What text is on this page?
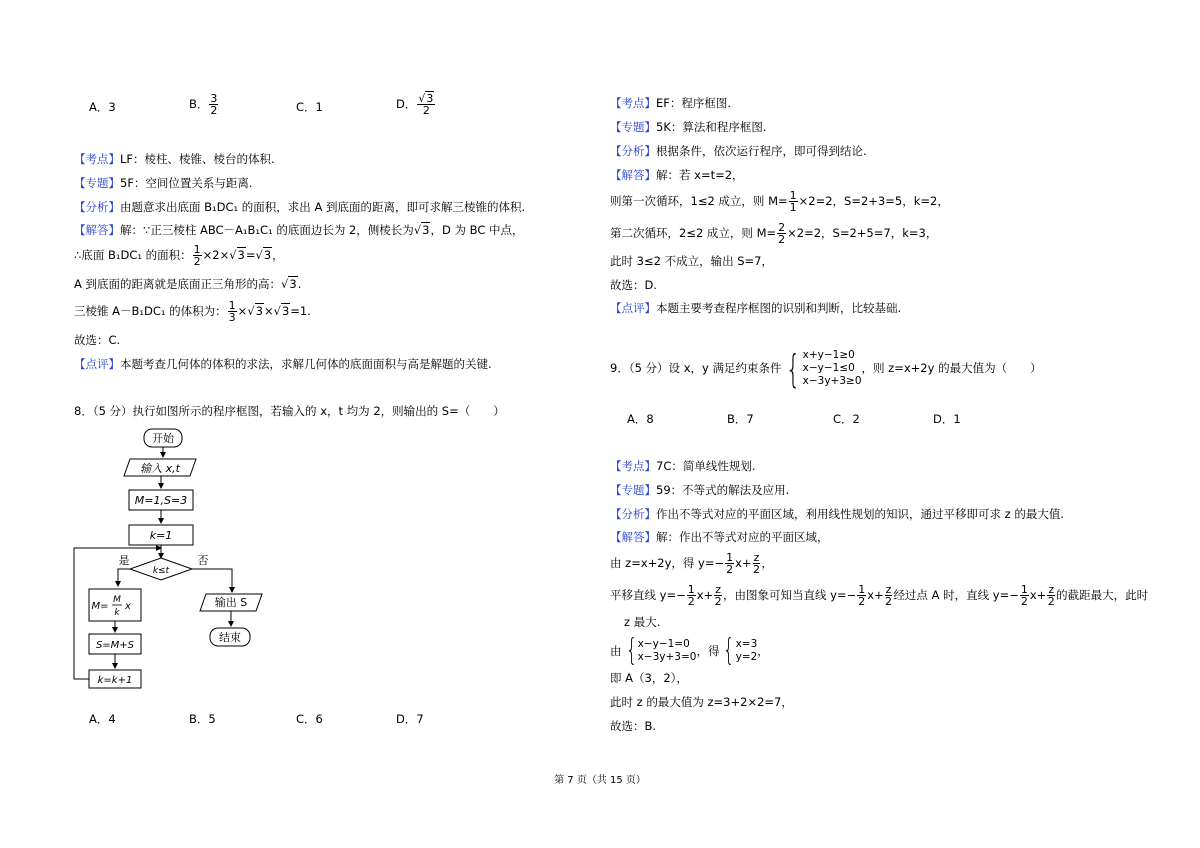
A．3	B． $\frac{3}{2}$	C．1	D． $\frac{√3}{2}$
【考点】LF：棱柱、棱锥、棱台的体积.
【专题】5F：空间位置关系与距离.
【分析】由题意求出底面 B₁DC₁ 的面积，求出 A 到底面的距离，即可求解三棱锥的体积.
【解答】解：∵正三棱柱 ABC－A₁B₁C₁ 的底面边长为 2，侧棱长为√3，D 为 BC 中点，
∴底面 B₁DC₁ 的面积： $\frac{1}{2} \times 2\times√3=√3$，
A 到底面的距离就是底面正三角形的高：√3.
三棱锥 A－B₁DC₁ 的体积为： $\frac{1}{3} \times√3\times√3=1$.
故选：C.
【点评】本题考查几何体的体积的求法，求解几何体的底面面积与高是解题的关键.
8．（5 分）执行如图所示的程序框图，若输入的 x，t 均为 2，则输出的 S=（　　）
开始
输入 x,t
M=1,S=3
k=1
k≤t
是	否
M=
M
k
x
S=M+S
k=k+1
输出 S
结束
A．4	B．5	C．6	D．7
【考点】EF：程序框图.
【专题】5K：算法和程序框图.
【分析】根据条件，依次运行程序，即可得到结论.
【解答】解：若 x=t=2，
则第一次循环，1≤2 成立，则 $M= \frac{1}{1} \times 2=2$，S=2+3=5，k=2，
第二次循环，2≤2 成立，则 $M= \frac{2}{2} \times 2=2$，S=2+5=7，k=3，
此时 3≤2 不成立，输出 S=7，
故选：D.
【点评】本题主要考查程序框图的识别和判断，比较基础.
9．（5 分）设 x，y 满足约束条件 { x+y−1≥0
x−y−1≤0
x−3y+3≥0
，则 z=x+2y 的最大值为（　　）
A．8	B．7	C．2	D．1
【考点】7C：简单线性规划.
【专题】59：不等式的解法及应用.
【分析】作出不等式对应的平面区域，利用线性规划的知识，通过平移即可求 z 的最大值.
【解答】解：作出不等式对应的平面区域，
由 z=x+2y，得 $y=- \frac{1}{2} x+ \frac{z}{2}$ ，
平移直线 $y=- \frac{1}{2} x+ \frac{z}{2}$ ，由图象可知当直线 $y=- \frac{1}{2} x+ \frac{z}{2}$ 经过点 A 时，直线 $y=- \frac{1}{2} x+ \frac{z}{2}$ 的截距最大，此时
z 最大.
由 { x−y−1=0
x−3y+3=0 ，得 { x=3
y=2 ，
即 A（3，2），
此时 z 的最大值为 z=3+2×2=7，
故选：B.
第 7 页（共 15 页）
